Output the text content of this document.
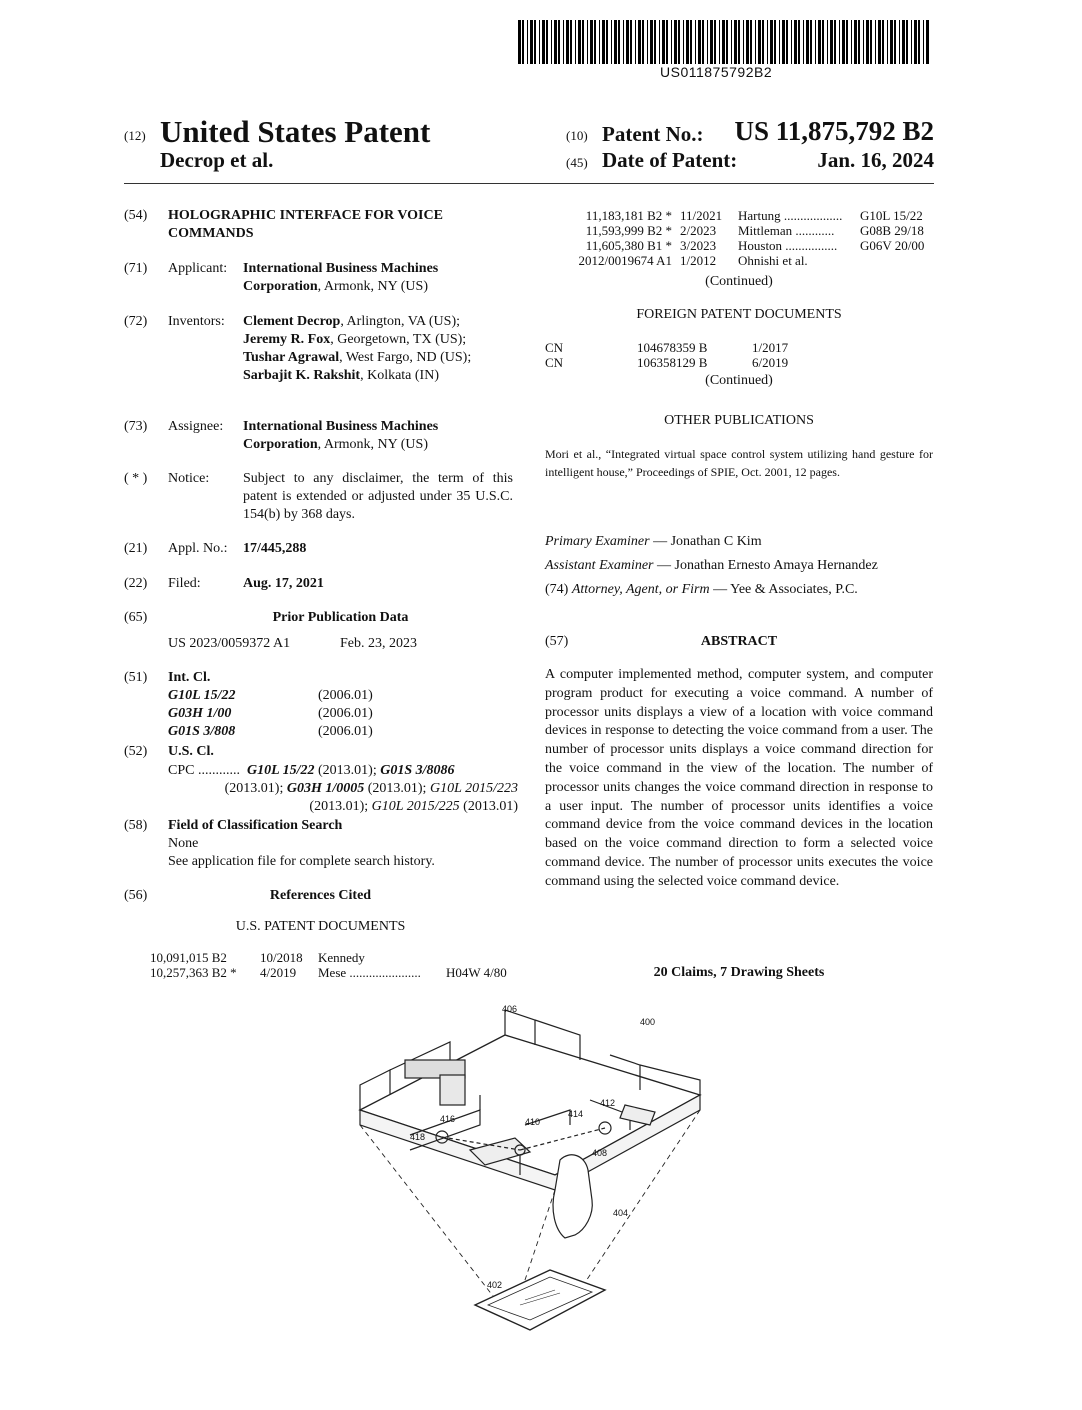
US011875792B2
(12) United States Patent
Decrop et al.
(10) Patent No.: US 11,875,792 B2
(45) Date of Patent:	Jan. 16, 2024
(54) HOLOGRAPHIC INTERFACE FOR VOICE COMMANDS
(71) Applicant: International Business Machines Corporation, Armonk, NY (US)
(72) Inventors: Clement Decrop, Arlington, VA (US);
Jeremy R. Fox, Georgetown, TX (US);
Tushar Agrawal, West Fargo, ND (US); Sarbajit K. Rakshit, Kolkata (IN)
(73) Assignee: International Business Machines Corporation, Armonk, NY (US)
( * ) Notice: Subject to any disclaimer, the term of this patent is extended or adjusted under 35 U.S.C. 154(b) by 368 days.
(21) Appl. No.: 17/445,288
(22) Filed:	Aug. 17, 2021
(65)	Prior Publication Data
US 2023/0059372 A1	Feb. 23, 2023
(51) Int. Cl.
G10L 15/22	(2006.01)
G03H 1/00	(2006.01)
G01S 3/808	(2006.01)
(52) U.S. Cl.
CPC ............ G10L 15/22 (2013.01); G01S 3/8086
(2013.01); G03H 1/0005 (2013.01); G10L 2015/223 (2013.01); G10L 2015/225 (2013.01)
(58) Field of Classification Search
None
See application file for complete search history.
(56)	References Cited
U.S. PATENT DOCUMENTS
10,091,015 B2	10/2018	Kennedy
10,257,363 B2 *	4/2019	Mese ......................	H04W 4/80
11,183,181 B2 * 11/2021	Hartung ..................	G10L 15/22
11,593,999 B2 * 2/2023	Mittleman ............	G08B 29/18
11,605,380 B1 * 3/2023	Houston ................	G06V 20/00
2012/0019674 A1 1/2012	Ohnishi et al.
(Continued)
FOREIGN PATENT DOCUMENTS
CN	104678359 B	1/2017
CN	106358129 B	6/2019
(Continued)
OTHER PUBLICATIONS
Mori et al., “Integrated virtual space control system utilizing hand gesture for intelligent house,” Proceedings of SPIE, Oct. 2001, 12 pages.
Primary Examiner — Jonathan C Kim
Assistant Examiner — Jonathan Ernesto Amaya Hernandez
(74) Attorney, Agent, or Firm — Yee & Associates, P.C.
(57)	ABSTRACT
A computer implemented method, computer system, and computer program product for executing a voice command. A number of processor units displays a view of a location with voice command devices in response to detecting the voice command from a user. The number of processor units displays a voice command direction for the voice command in the view of the location. The number of processor units changes the voice command direction in response to a user input. The number of processor units identifies a voice command device from the voice command devices in the location based on the voice command direction to form a selected voice command device. The number of processor units executes the voice command using the selected voice command device.
20 Claims, 7 Drawing Sheets
406
400
416
418
410
414
412
408
404
402
